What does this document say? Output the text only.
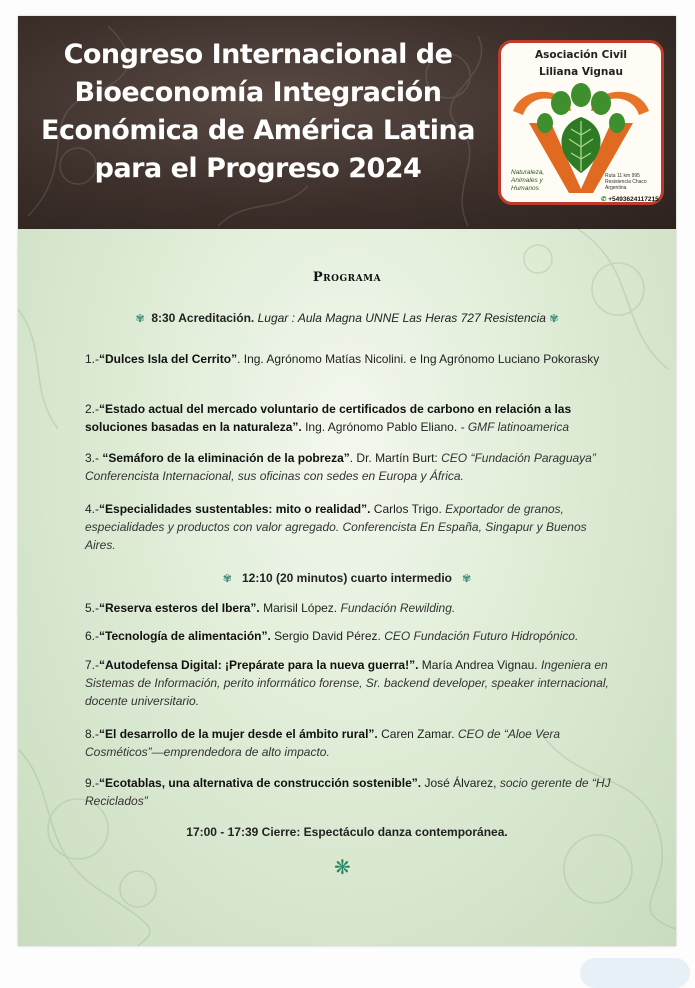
Congreso Internacional de
Bioeconomía Integración
Económica de América Latina
para el Progreso 2024
Asociación Civil
Liliana Vignau
Naturaleza, Animales y Humanos
Ruta 11 km 995
Resistencia Chaco
Argentina
✆ +5493624117215
Programa
✾ 8:30 Acreditación. Lugar : Aula Magna UNNE Las Heras 727 Resistencia ✾
1.-“Dulces Isla del Cerrito”. Ing. Agrónomo Matías Nicolini. e Ing Agrónomo Luciano Pokorasky
2.-“Estado actual del mercado voluntario de certificados de carbono en relación a las soluciones basadas en la naturaleza”. Ing. Agrónomo Pablo Eliano. - GMF latinoamerica
3.- “Semáforo de la eliminación de la pobreza”. Dr. Martín Burt: CEO “Fundación Paraguaya” Conferencista Internacional, sus oficinas con sedes en Europa y África.
4.-“Especialidades sustentables: mito o realidad”. Carlos Trigo. Exportador de granos, especialidades y productos con valor agregado. Conferencista En España, Singapur y Buenos Aires.
✾ 12:10 (20 minutos) cuarto intermedio ✾
5.-“Reserva esteros del Ibera”. Marisil López. Fundación Rewilding.
6.-“Tecnología de alimentación”. Sergio David Pérez. CEO Fundación Futuro Hidropónico.
7.-“Autodefensa Digital: ¡Prepárate para la nueva guerra!”. María Andrea Vignau. Ingeniera en Sistemas de Información, perito informático forense, Sr. backend developer, speaker internacional, docente universitario.
8.-“El desarrollo de la mujer desde el ámbito rural”. Caren Zamar. CEO de “Aloe Vera Cosméticos”—emprendedora de alto impacto.
9.-“Ecotablas, una alternativa de construcción sostenible”. José Álvarez, socio gerente de “HJ Reciclados”
17:00 - 17:39 Cierre: Espectáculo danza contemporánea.
❋
